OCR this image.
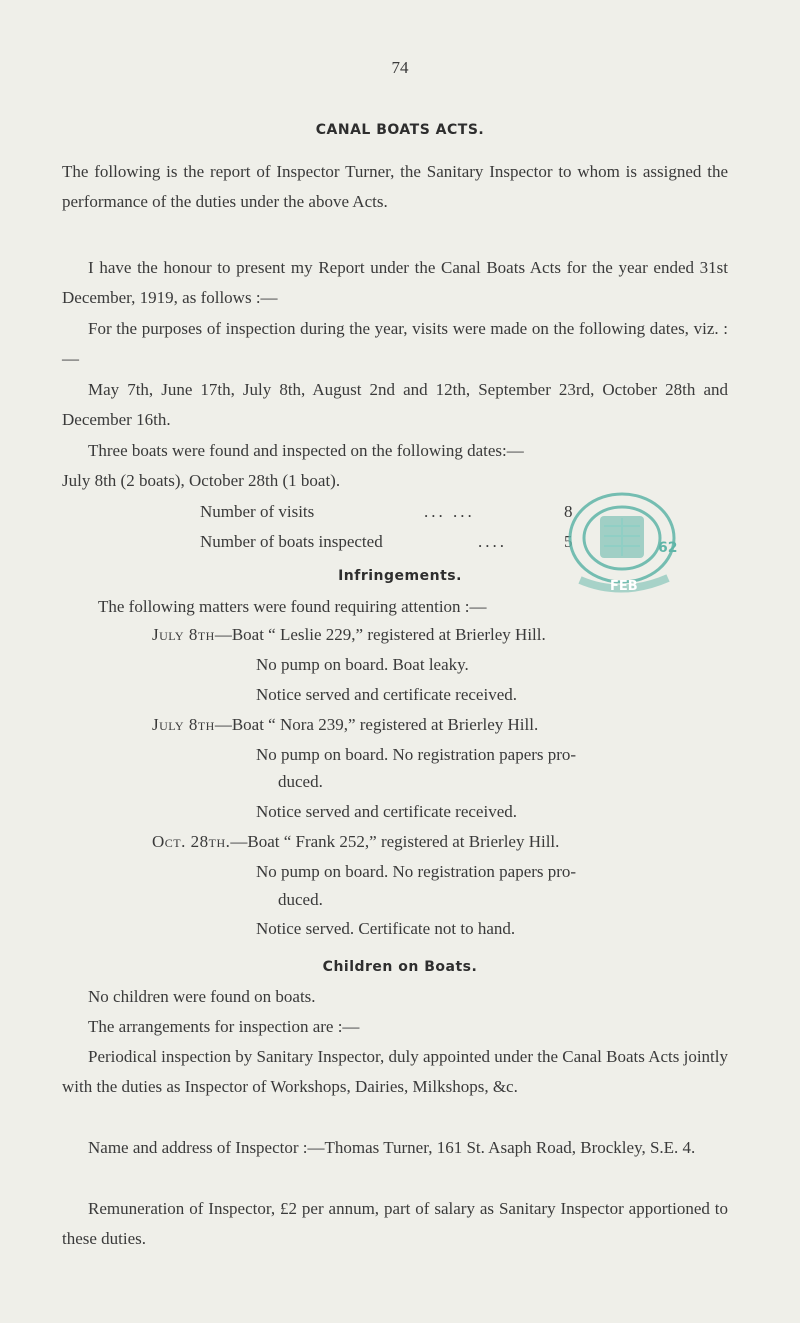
74
CANAL BOATS ACTS.

The following is the report of Inspector Turner, the Sanitary Inspector to whom is assigned the performance of the duties under the above Acts.

I have the honour to present my Report under the Canal Boats Acts for the year ended 31st December, 1919, as follows :—

For the purposes of inspection during the year, visits were made on the following dates, viz. :—

May 7th, June 17th, July 8th, August 2nd and 12th, September 23rd, October 28th and December 16th.

Three boats were found and inspected on the following dates:—

July 8th (2 boats), October 28th (1 boat).

Number of visits	... ...	8

Number of boats inspected	....	5

FEB
62
Infringements.

The following matters were found requiring attention :—

July 8th—Boat “ Leslie 229,” registered at Brierley Hill.

No pump on board. Boat leaky.

Notice served and certificate received.

July 8th—Boat “ Nora 239,” registered at Brierley Hill.

No pump on board. No registration papers pro-

duced.

Notice served and certificate received.

Oct. 28th.—Boat “ Frank 252,” registered at Brierley Hill.

No pump on board. No registration papers pro-

duced.

Notice served. Certificate not to hand.

Children on Boats.

No children were found on boats.

The arrangements for inspection are :—

Periodical inspection by Sanitary Inspector, duly appointed under the Canal Boats Acts jointly with the duties as Inspector of Workshops, Dairies, Milkshops, &c.

Name and address of Inspector :—Thomas Turner, 161 St. Asaph Road, Brockley, S.E. 4.

Remuneration of Inspector, £2 per annum, part of salary as Sanitary Inspector apportioned to these duties.
